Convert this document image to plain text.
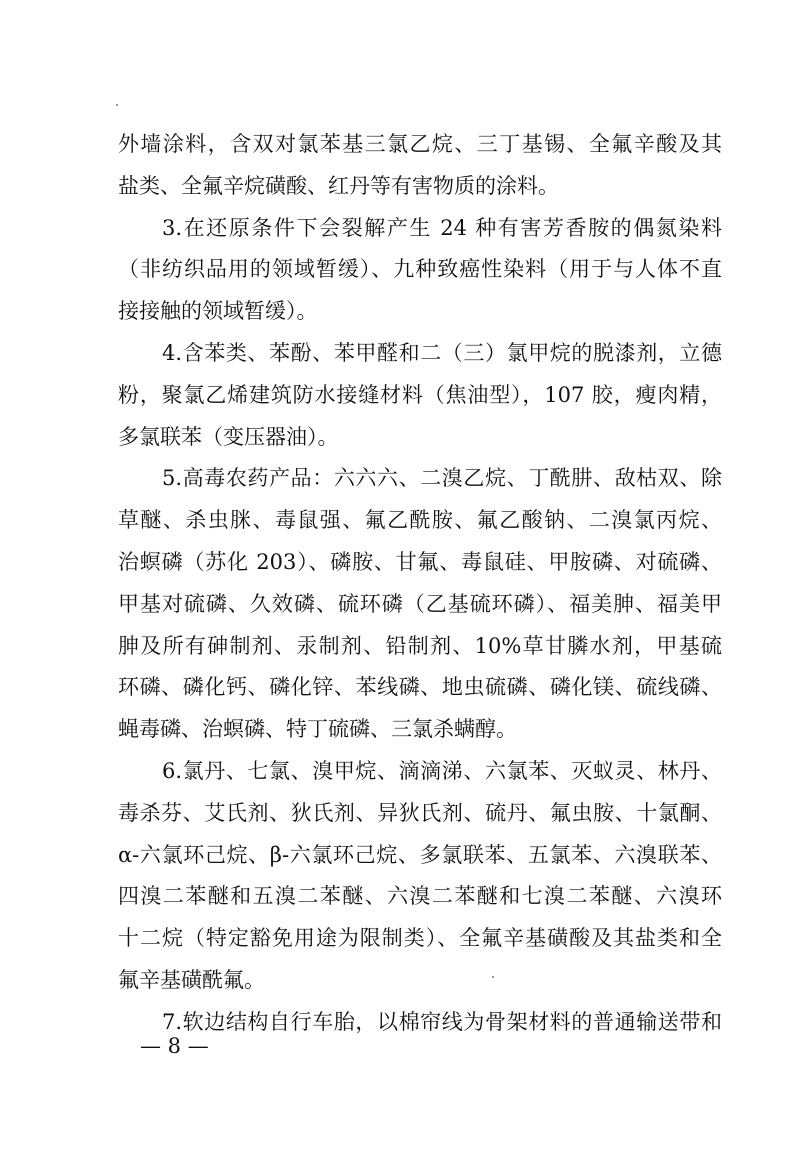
外墙涂料，含双对氯苯基三氯乙烷、三丁基锡、全氟辛酸及其
盐类、全氟辛烷磺酸、红丹等有害物质的涂料。
3.在还原条件下会裂解产生 24 种有害芳香胺的偶氮染料
（非纺织品用的领域暂缓）、九种致癌性染料（用于与人体不直
接接触的领域暂缓）。
4.含苯类、苯酚、苯甲醛和二（三）氯甲烷的脱漆剂，立德
粉，聚氯乙烯建筑防水接缝材料（焦油型），107 胶，瘦肉精，
多氯联苯（变压器油）。
5.高毒农药产品：六六六、二溴乙烷、丁酰肼、敌枯双、除
草醚、杀虫脒、毒鼠强、氟乙酰胺、氟乙酸钠、二溴氯丙烷、
治螟磷（苏化 203）、磷胺、甘氟、毒鼠硅、甲胺磷、对硫磷、
甲基对硫磷、久效磷、硫环磷（乙基硫环磷）、福美胂、福美甲
胂及所有砷制剂、汞制剂、铅制剂、10%草甘膦水剂，甲基硫
环磷、磷化钙、磷化锌、苯线磷、地虫硫磷、磷化镁、硫线磷、
蝇毒磷、治螟磷、特丁硫磷、三氯杀螨醇。
6.氯丹、七氯、溴甲烷、滴滴涕、六氯苯、灭蚁灵、林丹、
毒杀芬、艾氏剂、狄氏剂、异狄氏剂、硫丹、氟虫胺、十氯酮、
α-六氯环己烷、β-六氯环己烷、多氯联苯、五氯苯、六溴联苯、
四溴二苯醚和五溴二苯醚、六溴二苯醚和七溴二苯醚、六溴环
十二烷（特定豁免用途为限制类）、全氟辛基磺酸及其盐类和全
氟辛基磺酰氟。
7.软边结构自行车胎，以棉帘线为骨架材料的普通输送带和
— 8 —
